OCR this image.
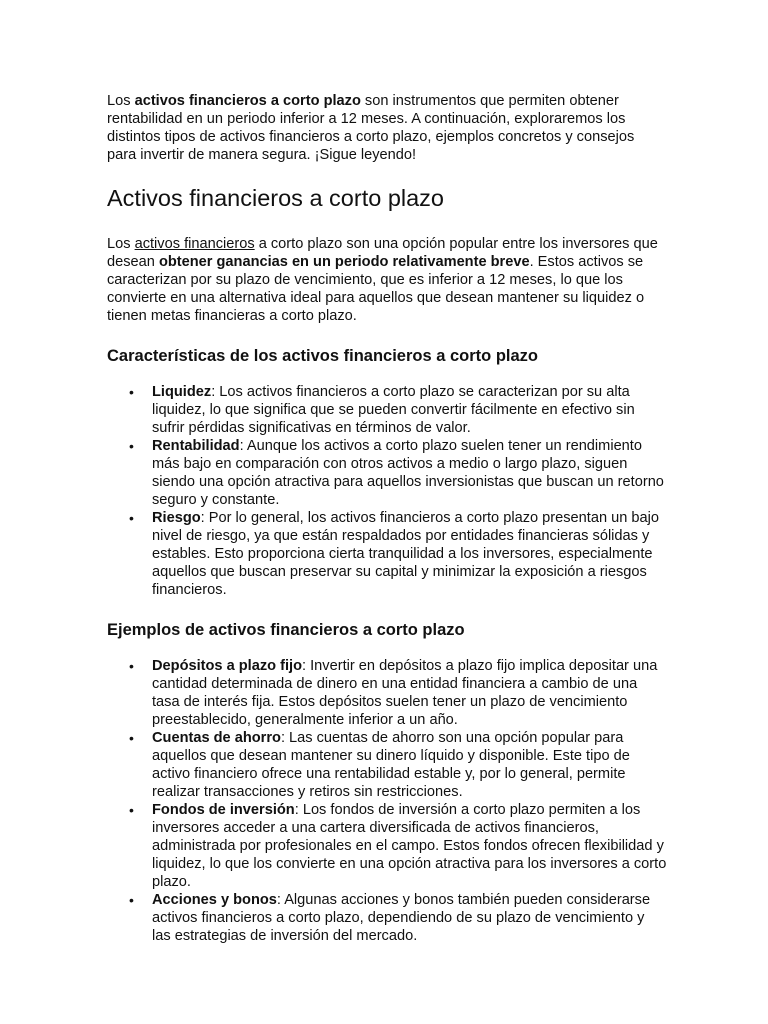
Los activos financieros a corto plazo son instrumentos que permiten obtener rentabilidad en un periodo inferior a 12 meses. A continuación, exploraremos los distintos tipos de activos financieros a corto plazo, ejemplos concretos y consejos para invertir de manera segura. ¡Sigue leyendo!

Activos financieros a corto plazo

Los activos financieros a corto plazo son una opción popular entre los inversores que desean obtener ganancias en un periodo relativamente breve. Estos activos se caracterizan por su plazo de vencimiento, que es inferior a 12 meses, lo que los convierte en una alternativa ideal para aquellos que desean mantener su liquidez o tienen metas financieras a corto plazo.

Características de los activos financieros a corto plazo
• Liquidez: Los activos financieros a corto plazo se caracterizan por su alta liquidez, lo que significa que se pueden convertir fácilmente en efectivo sin sufrir pérdidas significativas en términos de valor.
• Rentabilidad: Aunque los activos a corto plazo suelen tener un rendimiento más bajo en comparación con otros activos a medio o largo plazo, siguen siendo una opción atractiva para aquellos inversionistas que buscan un retorno seguro y constante.
• Riesgo: Por lo general, los activos financieros a corto plazo presentan un bajo nivel de riesgo, ya que están respaldados por entidades financieras sólidas y estables. Esto proporciona cierta tranquilidad a los inversores, especialmente aquellos que buscan preservar su capital y minimizar la exposición a riesgos financieros.
Ejemplos de activos financieros a corto plazo
• Depósitos a plazo fijo: Invertir en depósitos a plazo fijo implica depositar una cantidad determinada de dinero en una entidad financiera a cambio de una tasa de interés fija. Estos depósitos suelen tener un plazo de vencimiento preestablecido, generalmente inferior a un año.
• Cuentas de ahorro: Las cuentas de ahorro son una opción popular para aquellos que desean mantener su dinero líquido y disponible. Este tipo de activo financiero ofrece una rentabilidad estable y, por lo general, permite realizar transacciones y retiros sin restricciones.
• Fondos de inversión: Los fondos de inversión a corto plazo permiten a los inversores acceder a una cartera diversificada de activos financieros, administrada por profesionales en el campo. Estos fondos ofrecen flexibilidad y liquidez, lo que los convierte en una opción atractiva para los inversores a corto plazo.
• Acciones y bonos: Algunas acciones y bonos también pueden considerarse activos financieros a corto plazo, dependiendo de su plazo de vencimiento y las estrategias de inversión del mercado.
